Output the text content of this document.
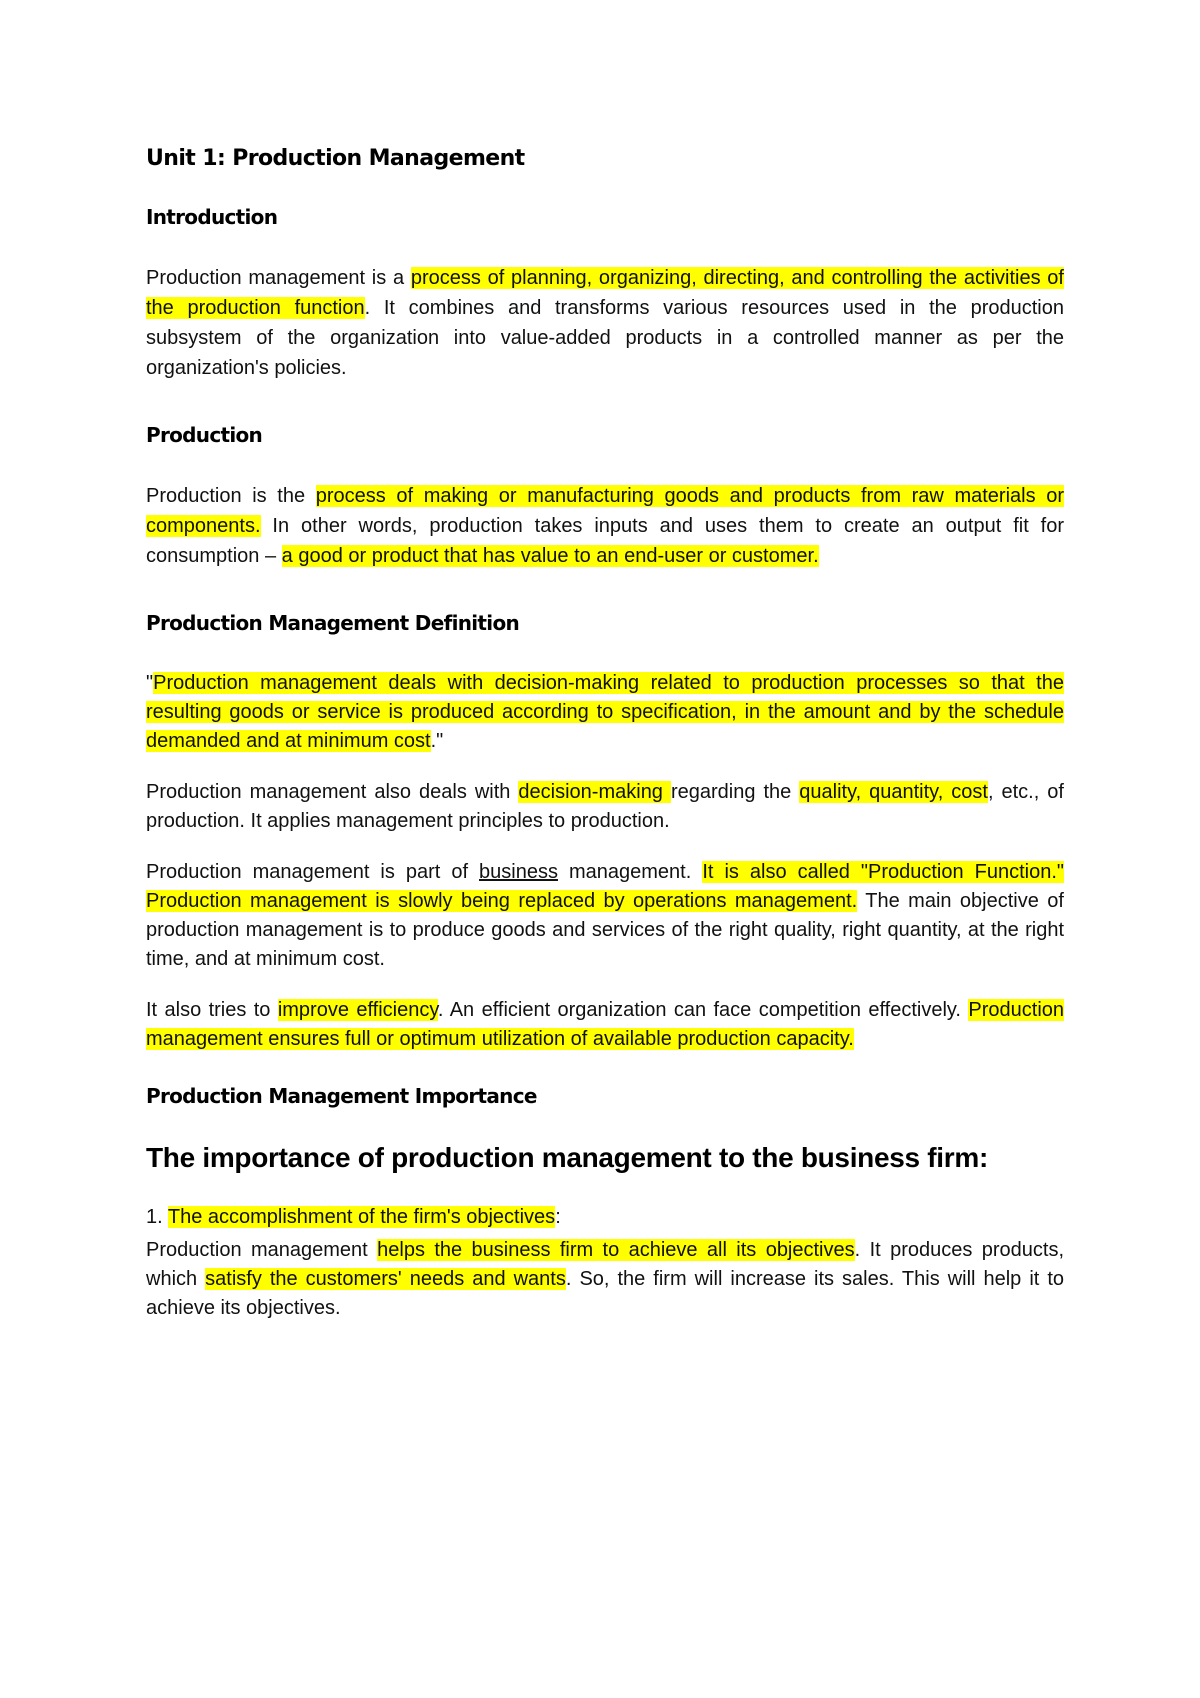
Unit 1: Production Management
Introduction

Production management is a process of planning, organizing, directing, and controlling the activities of the production function. It combines and transforms various resources used in the production subsystem of the organization into value-added products in a controlled manner as per the organization's policies.

Production

Production is the process of making or manufacturing goods and products from raw materials or components. In other words, production takes inputs and uses them to create an output fit for consumption – a good or product that has value to an end-user or customer.

Production Management Definition

"Production management deals with decision-making related to production processes so that the resulting goods or service is produced according to specification, in the amount and by the schedule demanded and at minimum cost."

Production management also deals with decision-making regarding the quality, quantity, cost, etc., of production. It applies management principles to production.

Production management is part of business management. It is also called "Production Function." Production management is slowly being replaced by operations management. The main objective of production management is to produce goods and services of the right quality, right quantity, at the right time, and at minimum cost.

It also tries to improve efficiency. An efficient organization can face competition effectively. Production management ensures full or optimum utilization of available production capacity.

Production Management Importance
The importance of production management to the business firm:
1. The accomplishment of the firm's objectives:

Production management helps the business firm to achieve all its objectives. It produces products, which satisfy the customers' needs and wants. So, the firm will increase its sales. This will help it to achieve its objectives.
